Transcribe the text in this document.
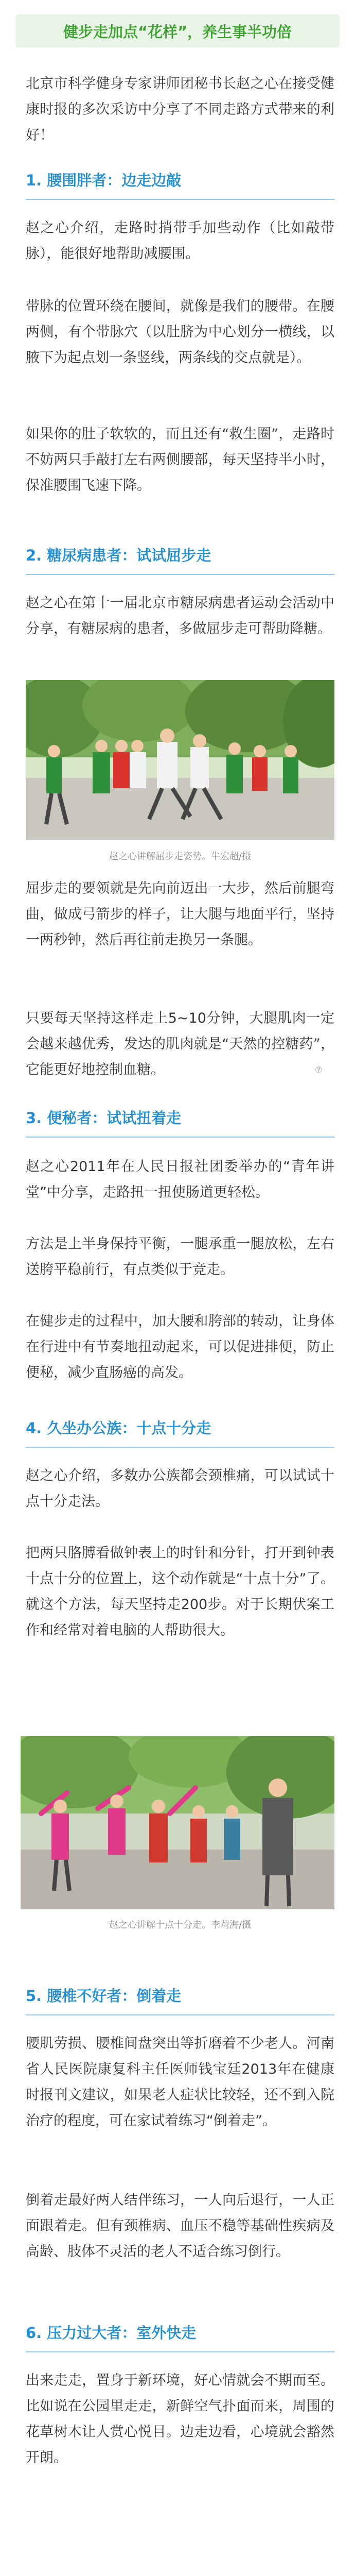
健步走加点“花样”，养生事半功倍

北京市科学健身专家讲师团秘书长赵之心在接受健康时报的多次采访中分享了不同走路方式带来的利好！

1. 腰围胖者：边走边敲

赵之心介绍，走路时捎带手加些动作（比如敲带脉），能很好地帮助减腰围。

带脉的位置环绕在腰间，就像是我们的腰带。在腰两侧，有个带脉穴（以肚脐为中心划分一横线，以腋下为起点划一条竖线，两条线的交点就是）。

如果你的肚子软软的，而且还有“救生圈”，走路时不妨两只手敲打左右两侧腰部，每天坚持半小时，保准腰围飞速下降。

2. 糖尿病患者：试试屈步走

赵之心在第十一届北京市糖尿病患者运动会活动中分享，有糖尿病的患者，多做屈步走可帮助降糖。

赵之心讲解屈步走姿势。牛宏超/摄

屈步走的要领就是先向前迈出一大步，然后前腿弯曲，做成弓箭步的样子，让大腿与地面平行，坚持一两秒钟，然后再往前走换另一条腿。

只要每天坚持这样走上5~10分钟，大腿肌肉一定会越来越优秀，发达的肌肉就是“天然的控糖药”，它能更好地控制血糖。	⑦

3. 便秘者：试试扭着走

赵之心2011年在人民日报社团委举办的“青年讲堂”中分享，走路扭一扭使肠道更轻松。

方法是上半身保持平衡，一腿承重一腿放松，左右送胯平稳前行，有点类似于竞走。

在健步走的过程中，加大腰和胯部的转动，让身体在行进中有节奏地扭动起来，可以促进排便，防止便秘，减少直肠癌的高发。

4. 久坐办公族：十点十分走

赵之心介绍，多数办公族都会颈椎痛，可以试试十点十分走法。

把两只胳膊看做钟表上的时针和分针，打开到钟表十点十分的位置上，这个动作就是“十点十分”了。就这个方法，每天坚持走200步。对于长期伏案工作和经常对着电脑的人帮助很大。

赵之心讲解十点十分走。李莉海/摄

5. 腰椎不好者：倒着走

腰肌劳损、腰椎间盘突出等折磨着不少老人。河南省人民医院康复科主任医师钱宝廷2013年在健康时报刊文建议，如果老人症状比较轻，还不到入院治疗的程度，可在家试着练习“倒着走”。

倒着走最好两人结伴练习，一人向后退行，一人正面跟着走。但有颈椎病、血压不稳等基础性疾病及高龄、肢体不灵活的老人不适合练习倒行。

6. 压力过大者：室外快走

出来走走，置身于新环境，好心情就会不期而至。比如说在公园里走走，新鲜空气扑面而来，周围的花草树木让人赏心悦目。边走边看，心境就会豁然开朗。
